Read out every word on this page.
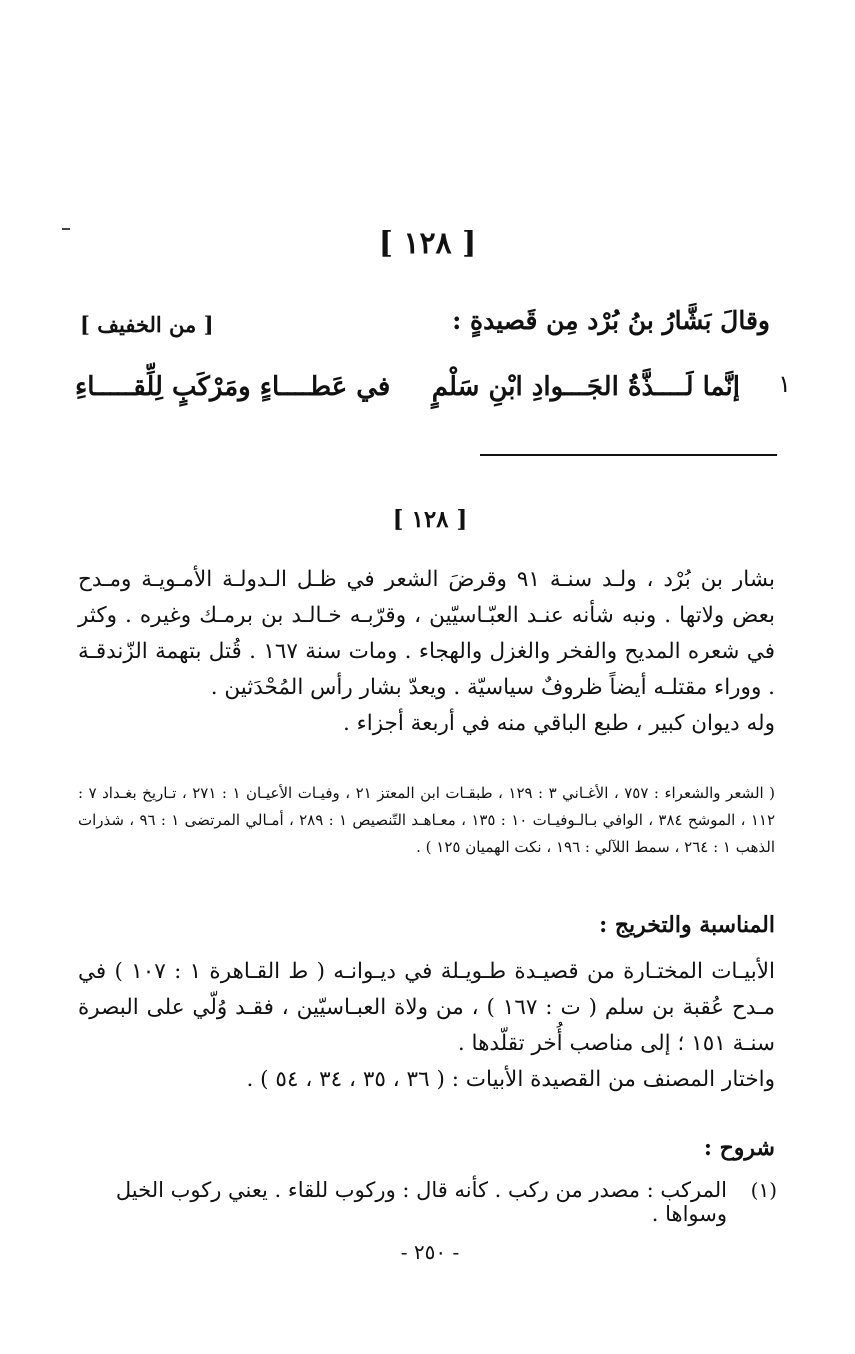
[ ١٢٨ ]
وقالَ بَشَّارُ بنُ بُرْد مِن قَصيدةٍ :
[ من الخفيف ]
١
إنَّما لَــــذَّةُ الجَـــوادِ ابْنِ سَلْمٍ
في عَطــــاءٍ ومَرْكَبٍ لِلِّقـــــاءِ
[ ١٢٨ ]

بشار بن بُرْد ، ولـد سنـة ٩١ وقرضَ الشعر في ظـل الـدولـة الأمـويـة ومـدح بعض ولاتها . ونبه شأنه عنـد العبّـاسيّين ، وقرّبـه خـالـد بن برمـك وغيره . وكثر في شعره المديح والفخر والغزل والهجاء . ومات سنة ١٦٧ . قُتل بتهمة الزّندقـة . ووراء مقتلـه أيضاً ظروفٌ سياسيّة . ويعدّ بشار رأس المُحْدَثين .

وله ديوان كبير ، طبع الباقي منه في أربعة أجزاء .

( الشعر والشعراء : ٧٥٧ ، الأغـاني ٣ : ١٢٩ ، طبقـات ابن المعتز ٢١ ، وفيـات الأعيـان ١ : ٢٧١ ، تـاريخ بغـداد ٧ : ١١٢ ، الموشح ٣٨٤ ، الوافي بـالـوفيـات ١٠ : ١٣٥ ، معـاهـد التّنصيص ١ : ٢٨٩ ، أمـالي المرتضى ١ : ٩٦ ، شذرات الذهب ١ : ٢٦٤ ، سمط اللآلي : ١٩٦ ، نكت الهميان ١٢٥ ) .

المناسبة والتخريج :

الأبيـات المختـارة من قصيـدة طـويـلة في ديـوانـه ( ط القـاهرة ١ : ١٠٧ ) في مـدح عُقبة بن سلم ( ت : ١٦٧ ) ، من ولاة العبـاسيّين ، فقـد وُلّي على البصرة سنـة ١٥١ ؛ إلى مناصب أُخر تقلّدها .

واختار المصنف من القصيدة الأبيات : ( ٣٦ ، ٣٥ ، ٣٤ ، ٥٤ ) .

شروح :
(١)
المركب : مصدر من ركب . كأنه قال : وركوب للقاء . يعني ركوب الخيل وسواها .
- ٢٥٠ -
